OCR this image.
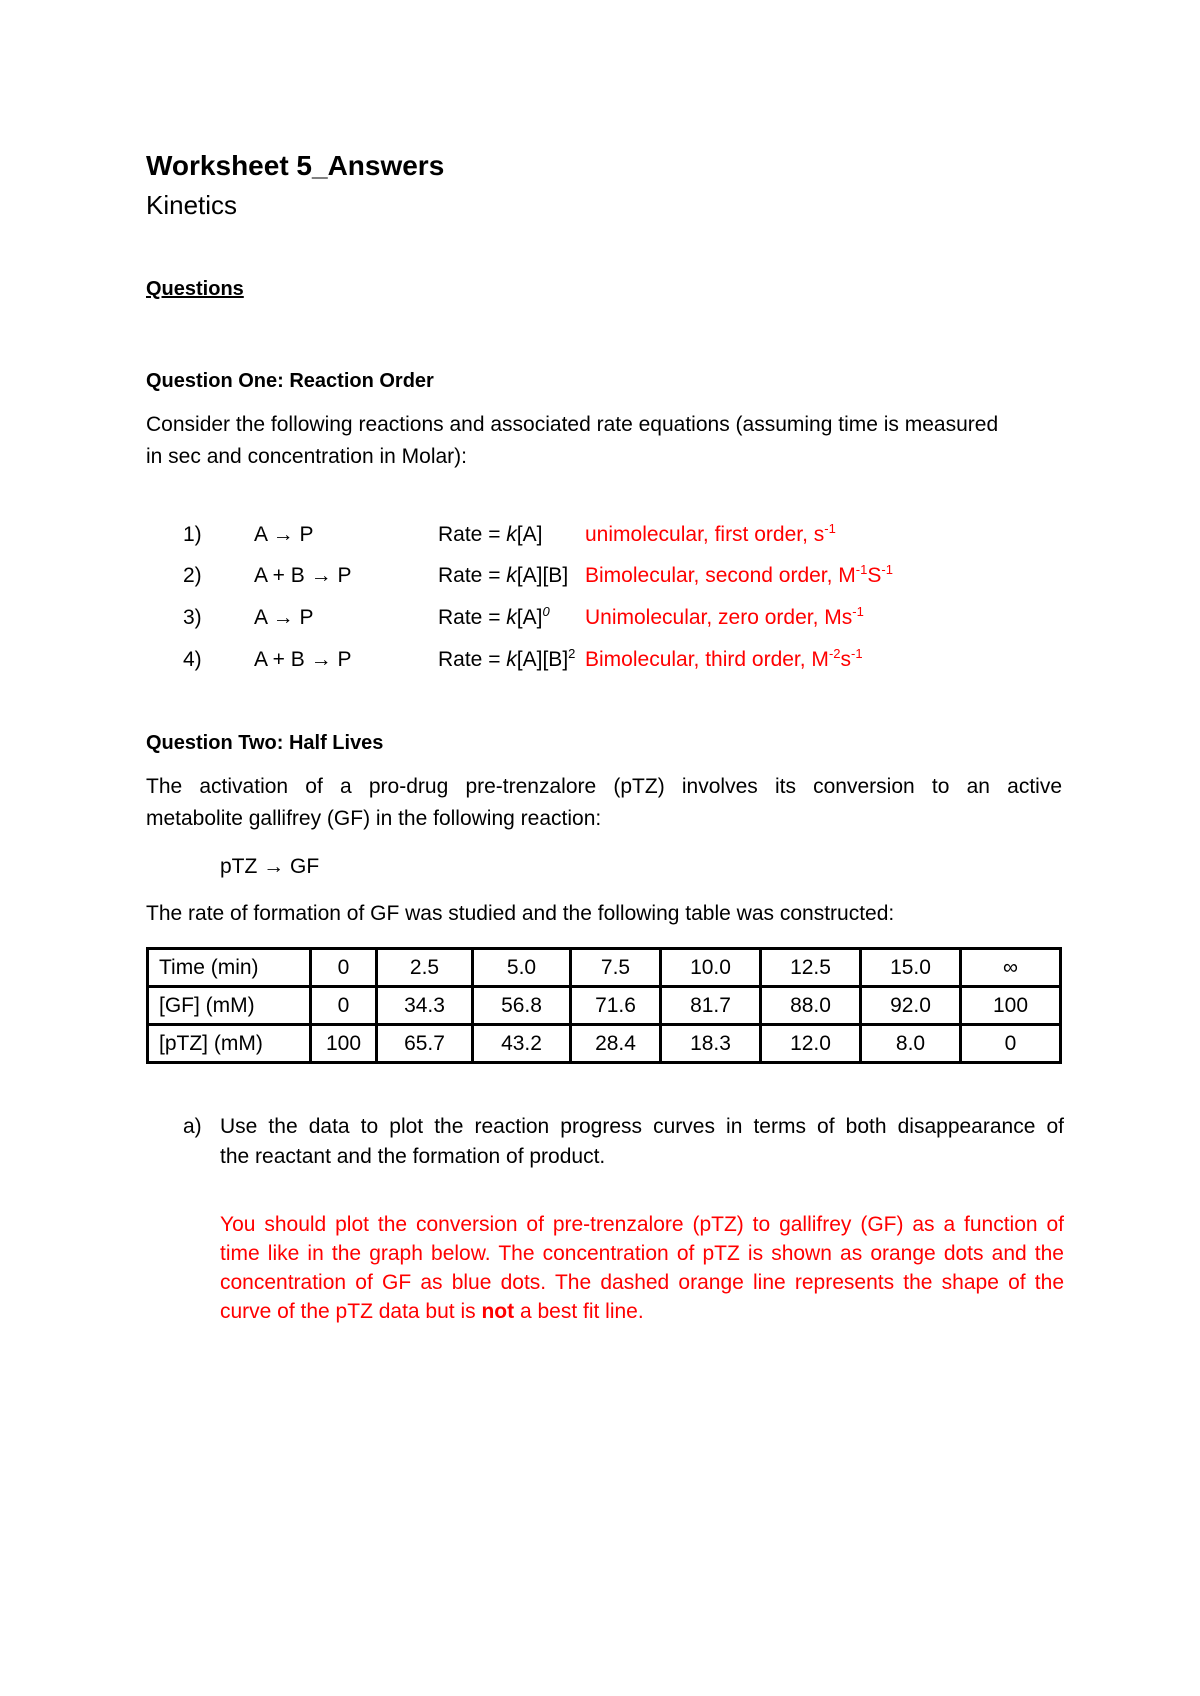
Worksheet 5_Answers
Kinetics
Questions
Question One: Reaction Order
Consider the following reactions and associated rate equations (assuming time is measured
in sec and concentration in Molar):
1) A → P	Rate = k[A] unimolecular, first order, $s^{-1}$
2) A + B → P	Rate = k[A][B] Bimolecular, second order, $M^{-1}S^{-1}$
3) A → P	Rate = $k[A]^0$ Unimolecular, zero order, $Ms^{-1}$
4) A + B → P	Rate = $k[A][B]^2$ Bimolecular, third order, $M^{-2}s^{-1}$
Question Two: Half Lives
The activation of a pro-drug pre-trenzalore (pTZ) involves its conversion to an active
metabolite gallifrey (GF) in the following reaction:
pTZ → GF
The rate of formation of GF was studied and the following table was constructed:
Time (min)	0	2.5	5.0	7.5	10.0	12.5	15.0	∞
[GF] (mM)	0	34.3	56.8	71.6	81.7	88.0	92.0	100
[pTZ] (mM)	100	65.7	43.2	28.4	18.3	12.0	8.0	0
a) Use the data to plot the reaction progress curves in terms of both disappearance of
the reactant and the formation of product.
You should plot the conversion of pre-trenzalore (pTZ) to gallifrey (GF) as a function of time like in the graph below. The concentration of pTZ is shown as orange dots and the concentration of GF as blue dots. The dashed orange line represents the shape of the curve of the pTZ data but is not a best fit line.
